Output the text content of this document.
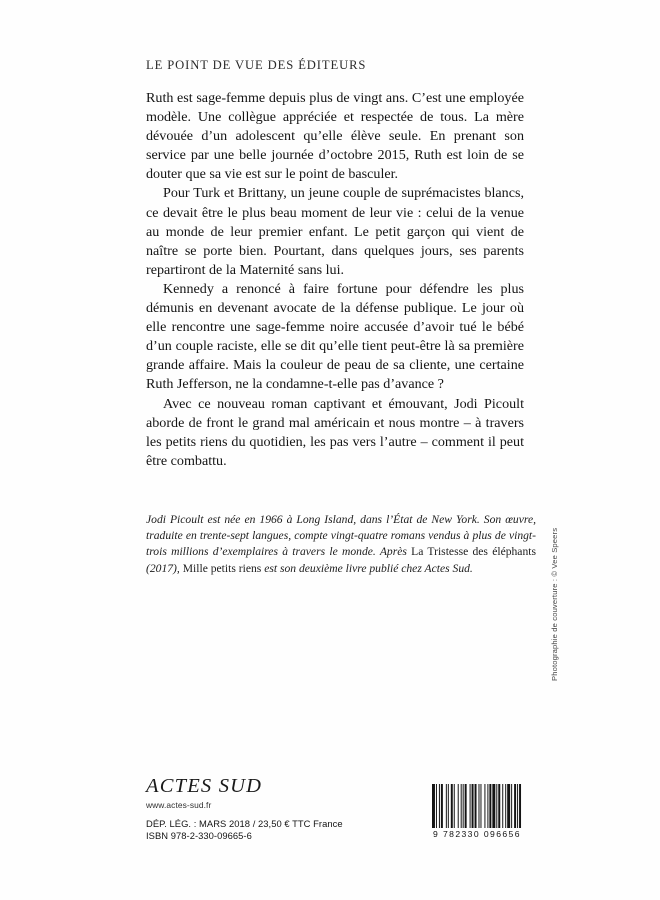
LE POINT DE VUE DES ÉDITEURS

Ruth est sage-femme depuis plus de vingt ans. C’est une employée modèle. Une collègue appréciée et respectée de tous. La mère dévouée d’un adolescent qu’elle élève seule. En prenant son service par une belle journée d’octobre 2015, Ruth est loin de se douter que sa vie est sur le point de basculer.

Pour Turk et Brittany, un jeune couple de suprémacistes blancs, ce devait être le plus beau moment de leur vie : celui de la venue au monde de leur premier enfant. Le petit garçon qui vient de naître se porte bien. Pourtant, dans quelques jours, ses parents repartiront de la Maternité sans lui.

Kennedy a renoncé à faire fortune pour défendre les plus démunis en devenant avocate de la défense publique. Le jour où elle rencontre une sage-femme noire accusée d’avoir tué le bébé d’un couple raciste, elle se dit qu’elle tient peut-être là sa première grande affaire. Mais la couleur de peau de sa cliente, une certaine Ruth Jefferson, ne la condamne-t-elle pas d’avance ?

Avec ce nouveau roman captivant et émouvant, Jodi Picoult aborde de front le grand mal américain et nous montre – à travers les petits riens du quotidien, les pas vers l’autre – comment il peut être combattu.

Jodi Picoult est née en 1966 à Long Island, dans l’État de New York. Son œuvre, traduite en trente-sept langues, compte vingt-quatre romans vendus à plus de vingt-trois millions d’exemplaires à travers le monde. Après La Tristesse des éléphants (2017), Mille petits riens est son deuxième livre publié chez Actes Sud.

ACTES SUD
www.actes-sud.fr
DÉP. LÉG. : MARS 2018 / 23,50 € TTC France
ISBN 978-2-330-09665-6	9 782330 096656
Photographie de couverture : © Vee Speers
